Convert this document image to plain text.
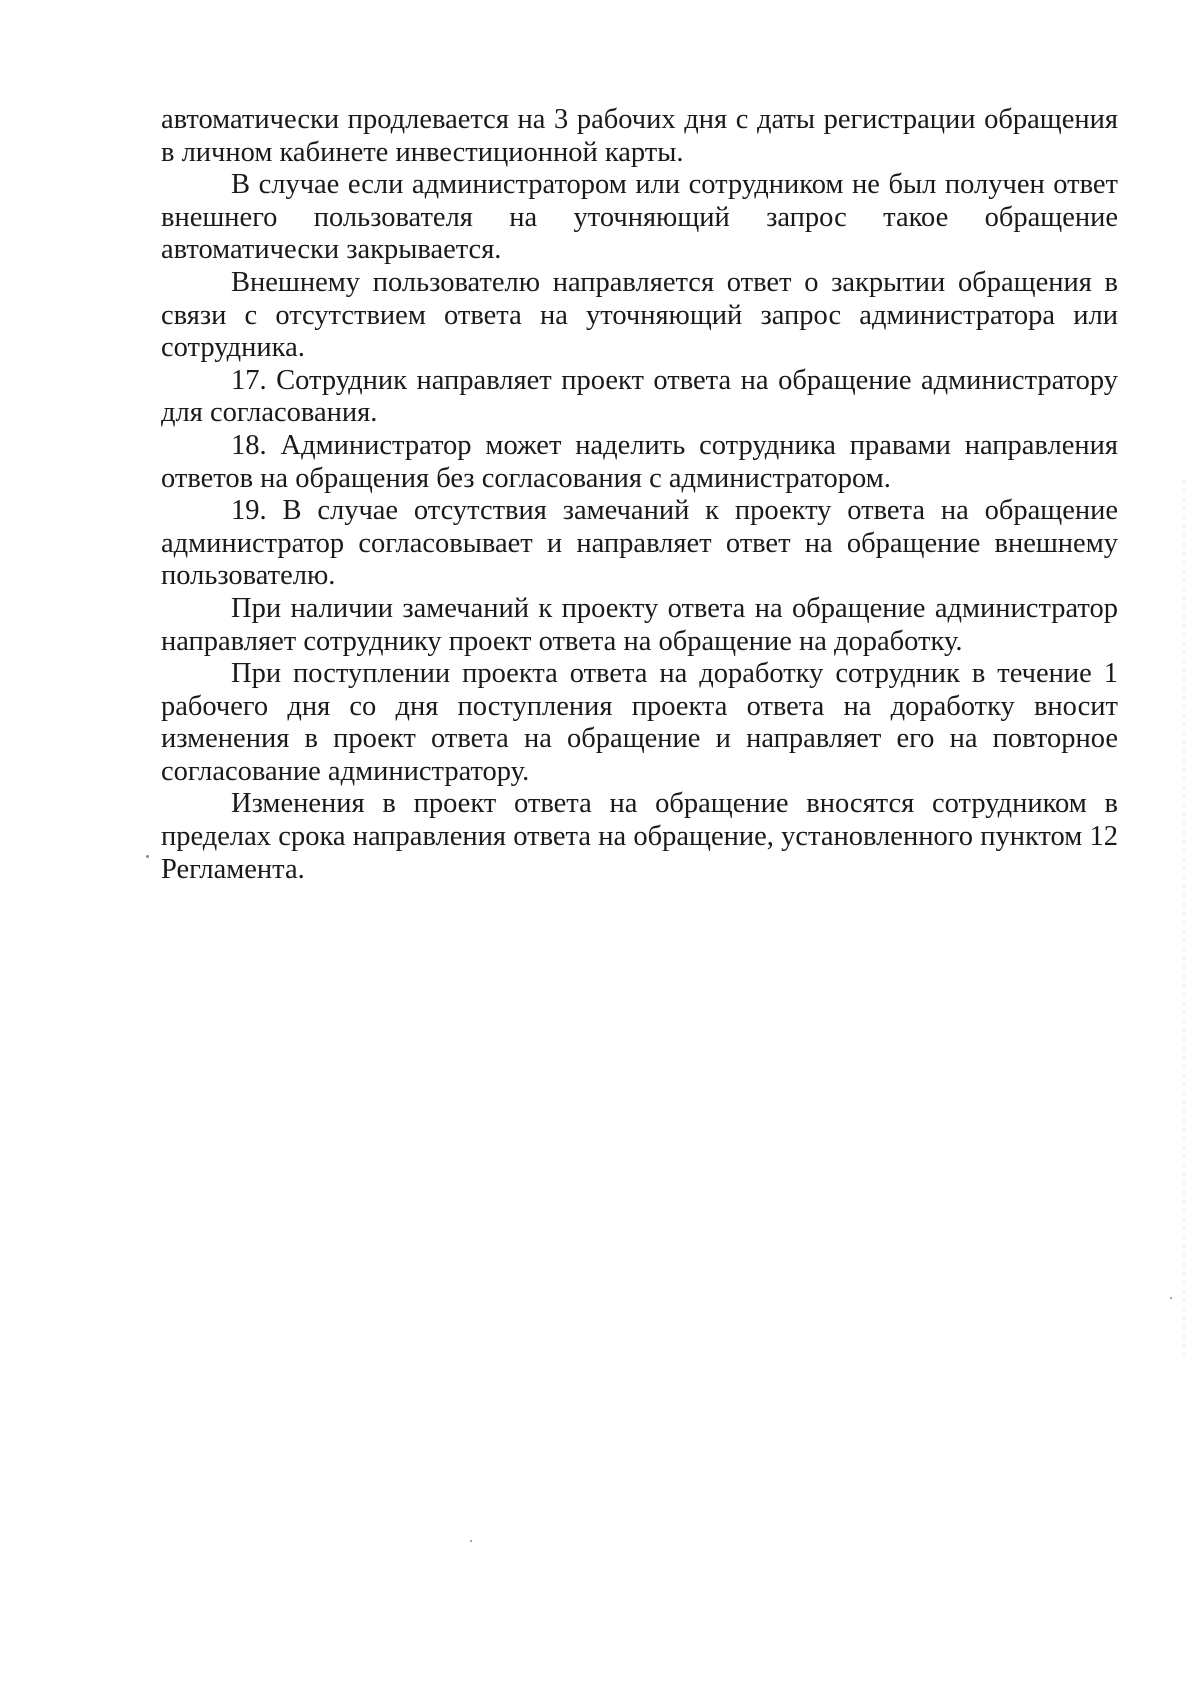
автоматически продлевается на 3 рабочих дня с даты регистрации обращения в личном кабинете инвестиционной карты.

В случае если администратором или сотрудником не был получен ответ внешнего пользователя на уточняющий запрос такое обращение автоматически закрывается.

Внешнему пользователю направляется ответ о закрытии обращения в связи с отсутствием ответа на уточняющий запрос администратора или сотрудника.

17. Сотрудник направляет проект ответа на обращение администратору для согласования.

18. Администратор может наделить сотрудника правами направления ответов на обращения без согласования с администратором.

19. В случае отсутствия замечаний к проекту ответа на обращение администратор согласовывает и направляет ответ на обращение внешнему пользователю.

При наличии замечаний к проекту ответа на обращение администратор направляет сотруднику проект ответа на обращение на доработку.

При поступлении проекта ответа на доработку сотрудник в течение 1 рабочего дня со дня поступления проекта ответа на доработку вносит изменения в проект ответа на обращение и направляет его на повторное согласование администратору.

Изменения в проект ответа на обращение вносятся сотрудником в пределах срока направления ответа на обращение, установленного пунктом 12 Регламента.
